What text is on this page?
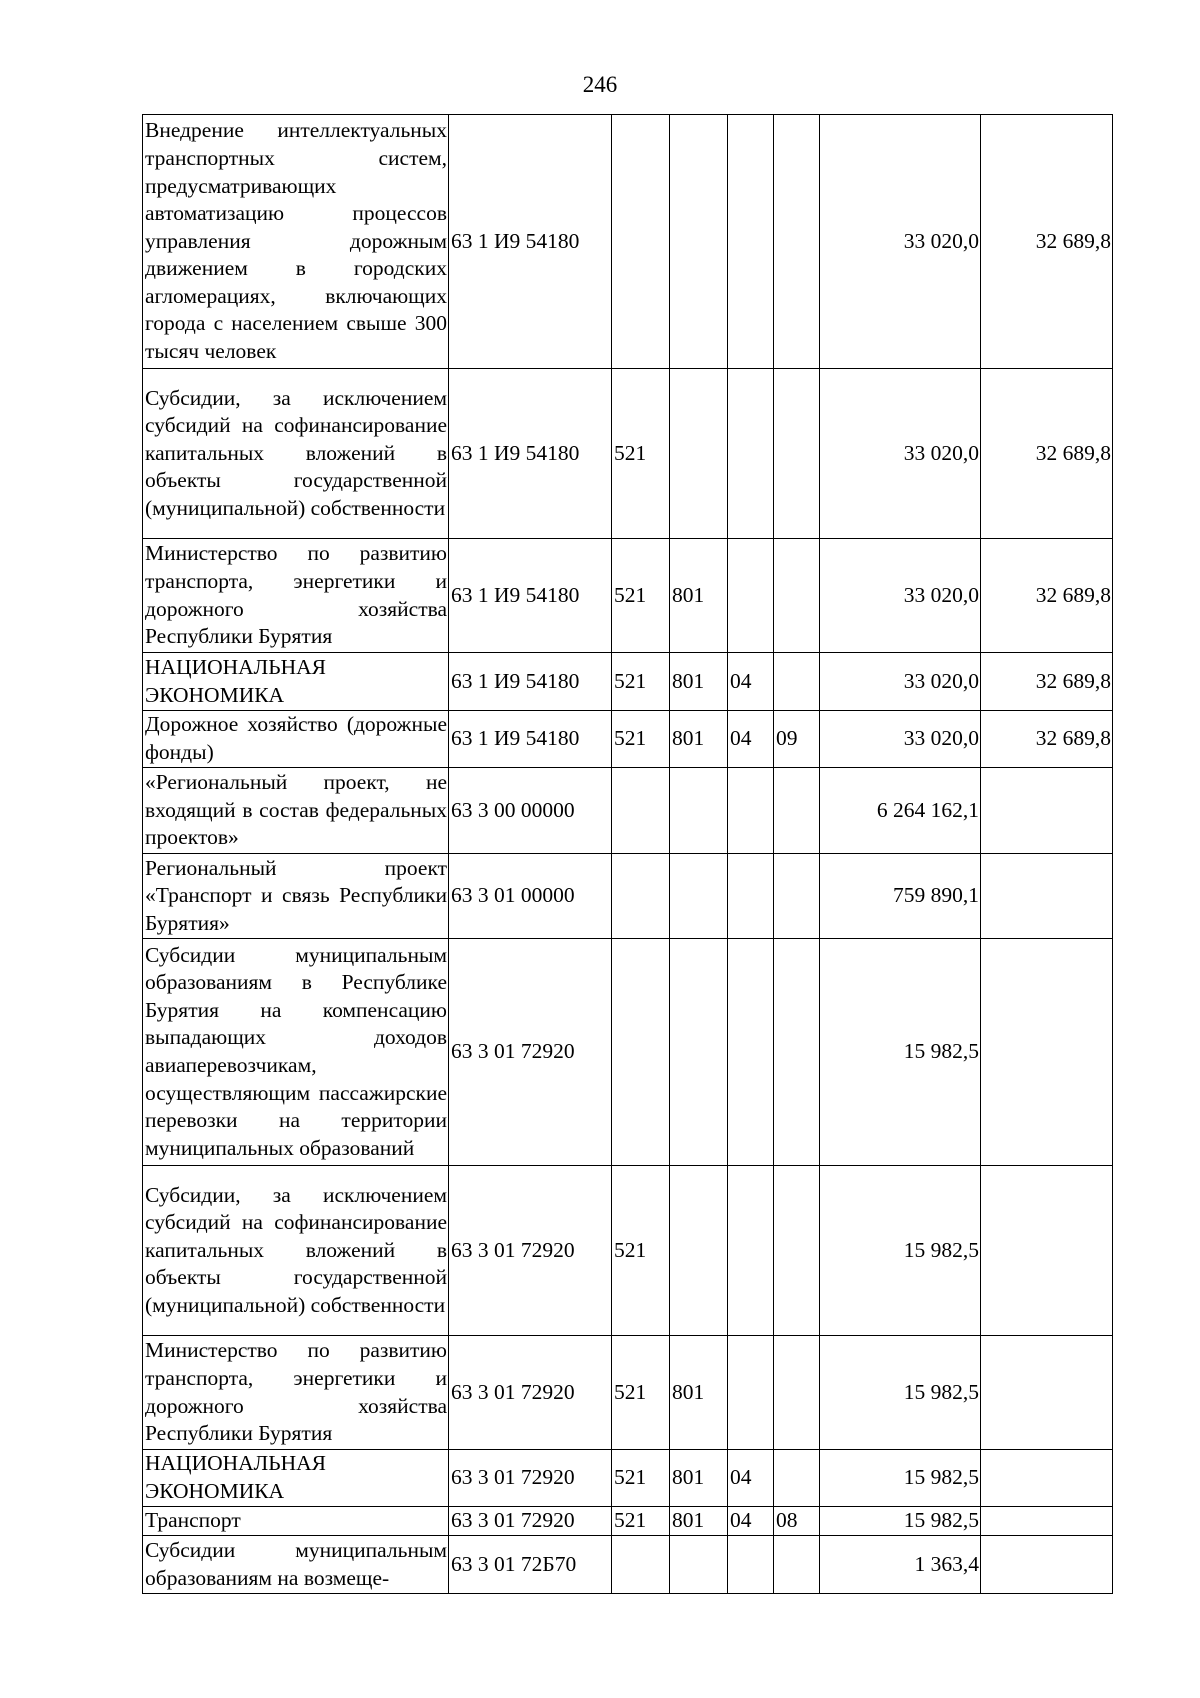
246
Внедрение интеллектуальных транспортных систем, предусматривающих автоматизацию процессов управления дорожным движением в городских агломерациях, включающих города с населением свыше 300 тысяч человек	63 1 И9 54180					33 020,0	32 689,8
Субсидии, за исключением субсидий на софинансирование капитальных вложений в объекты государственной (муниципальной) собственности	63 1 И9 54180	521				33 020,0	32 689,8
Министерство по развитию транспорта, энергетики и дорожного хозяйства Республики Бурятия	63 1 И9 54180	521	801			33 020,0	32 689,8
НАЦИОНАЛЬНАЯ ЭКОНОМИКА	63 1 И9 54180	521	801	04		33 020,0	32 689,8
Дорожное хозяйство (дорожные фонды)	63 1 И9 54180	521	801	04	09	33 020,0	32 689,8
«Региональный проект, не входящий в состав федеральных проектов»	63 3 00 00000					6 264 162,1	
Региональный проект «Транспорт и связь Республики Бурятия»	63 3 01 00000					759 890,1	
Субсидии муниципальным образованиям в Республике Бурятия на компенсацию выпадающих доходов авиаперевозчикам, осуществляющим пассажирские перевозки на территории муниципальных образований	63 3 01 72920					15 982,5	
Субсидии, за исключением субсидий на софинансирование капитальных вложений в объекты государственной (муниципальной) собственности	63 3 01 72920	521				15 982,5	
Министерство по развитию транспорта, энергетики и дорожного хозяйства Республики Бурятия	63 3 01 72920	521	801			15 982,5	
НАЦИОНАЛЬНАЯ ЭКОНОМИКА	63 3 01 72920	521	801	04		15 982,5	
Транспорт	63 3 01 72920	521	801	04	08	15 982,5	
Субсидии муниципальным образованиям на возмеще-	63 3 01 72Б70					1 363,4	
